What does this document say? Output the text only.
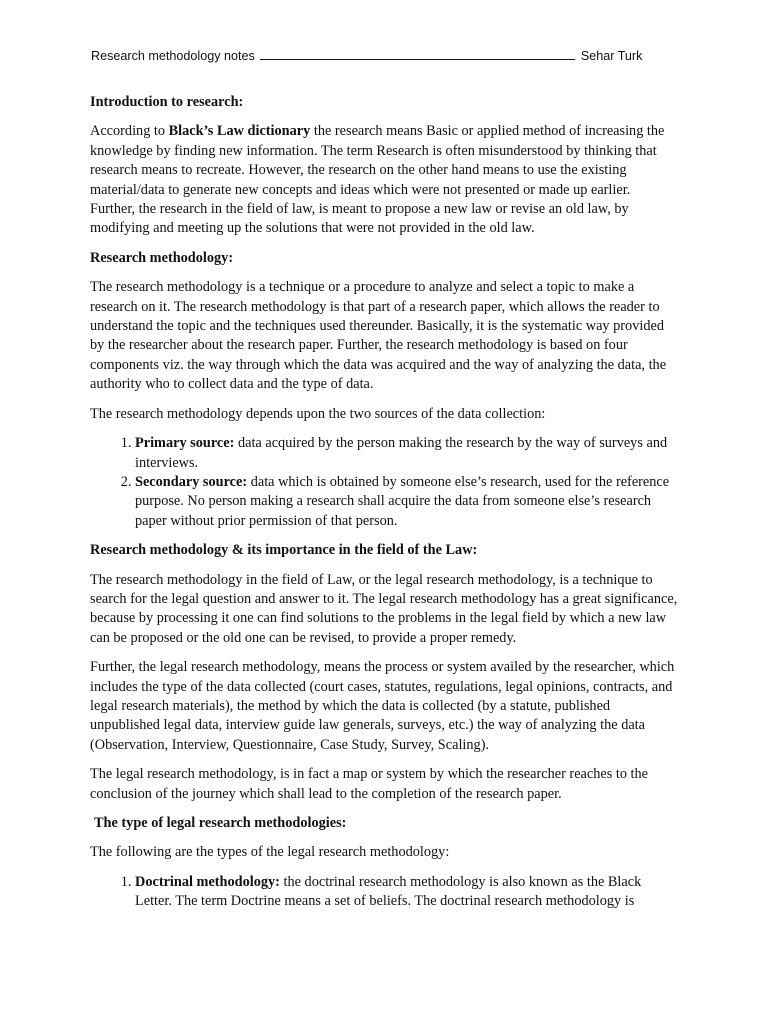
Research methodology notes	Sehar Turk
Introduction to research:

According to Black’s Law dictionary the research means Basic or applied method of increasing the knowledge by finding new information. The term Research is often misunderstood by thinking that research means to recreate. However, the research on the other hand means to use the existing material/data to generate new concepts and ideas which were not presented or made up earlier. Further, the research in the field of law, is meant to propose a new law or revise an old law, by modifying and meeting up the solutions that were not provided in the old law.

Research methodology:

The research methodology is a technique or a procedure to analyze and select a topic to make a research on it. The research methodology is that part of a research paper, which allows the reader to understand the topic and the techniques used thereunder. Basically, it is the systematic way provided by the researcher about the research paper. Further, the research methodology is based on four components viz. the way through which the data was acquired and the way of analyzing the data, the authority who to collect data and the type of data.

The research methodology depends upon the two sources of the data collection:

1. Primary source: data acquired by the person making the research by the way of surveys and interviews.
2. Secondary source: data which is obtained by someone else’s research, used for the reference purpose. No person making a research shall acquire the data from someone else’s research paper without prior permission of that person.
Research methodology & its importance in the field of the Law:

The research methodology in the field of Law, or the legal research methodology, is a technique to search for the legal question and answer to it. The legal research methodology has a great significance, because by processing it one can find solutions to the problems in the legal field by which a new law can be proposed or the old one can be revised, to provide a proper remedy.

Further, the legal research methodology, means the process or system availed by the researcher, which includes the type of the data collected (court cases, statutes, regulations, legal opinions, contracts, and legal research materials), the method by which the data is collected (by a statute, published unpublished legal data, interview guide law generals, surveys, etc.) the way of analyzing the data (Observation, Interview, Questionnaire, Case Study, Survey, Scaling).

The legal research methodology, is in fact a map or system by which the researcher reaches to the conclusion of the journey which shall lead to the completion of the research paper.

The type of legal research methodologies:

The following are the types of the legal research methodology:

1. Doctrinal methodology: the doctrinal research methodology is also known as the Black Letter. The term Doctrine means a set of beliefs. The doctrinal research methodology is
